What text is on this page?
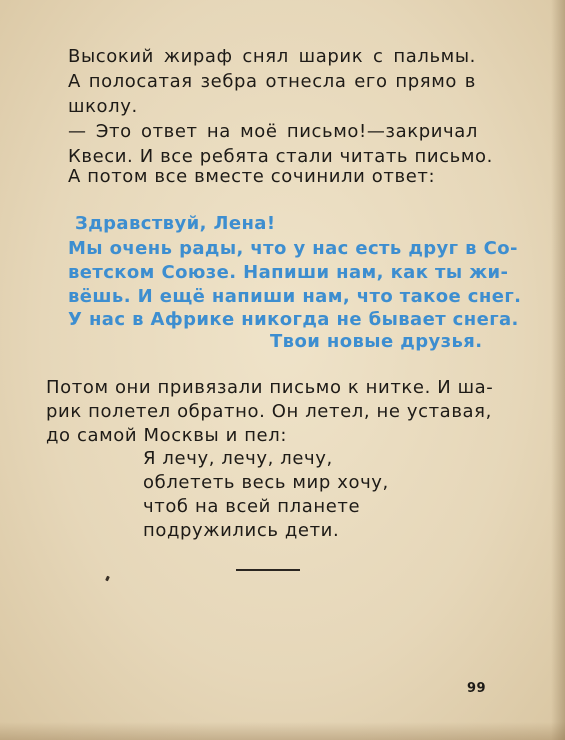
Высокий жираф снял шарик с пальмы.
А полосатая зебра отнесла его прямо в
школу.
— Это ответ на моё письмо!—закричал
Квеси. И все ребята стали читать письмо.
А потом все вместе сочинили ответ:
Здравствуй, Лена!
Мы очень рады, что у нас есть друг в Со-
ветском Союзе. Напиши нам, как ты жи-
вёшь. И ещё напиши нам, что такое снег.
У нас в Африке никогда не бывает снега.
Твои новые друзья.
Потом они привязали письмо к нитке. И ша-
рик полетел обратно. Он летел, не уставая,
до самой Москвы и пел:
Я лечу, лечу, лечу,
облететь весь мир хочу,
чтоб на всей планете
подружились дети.
99
